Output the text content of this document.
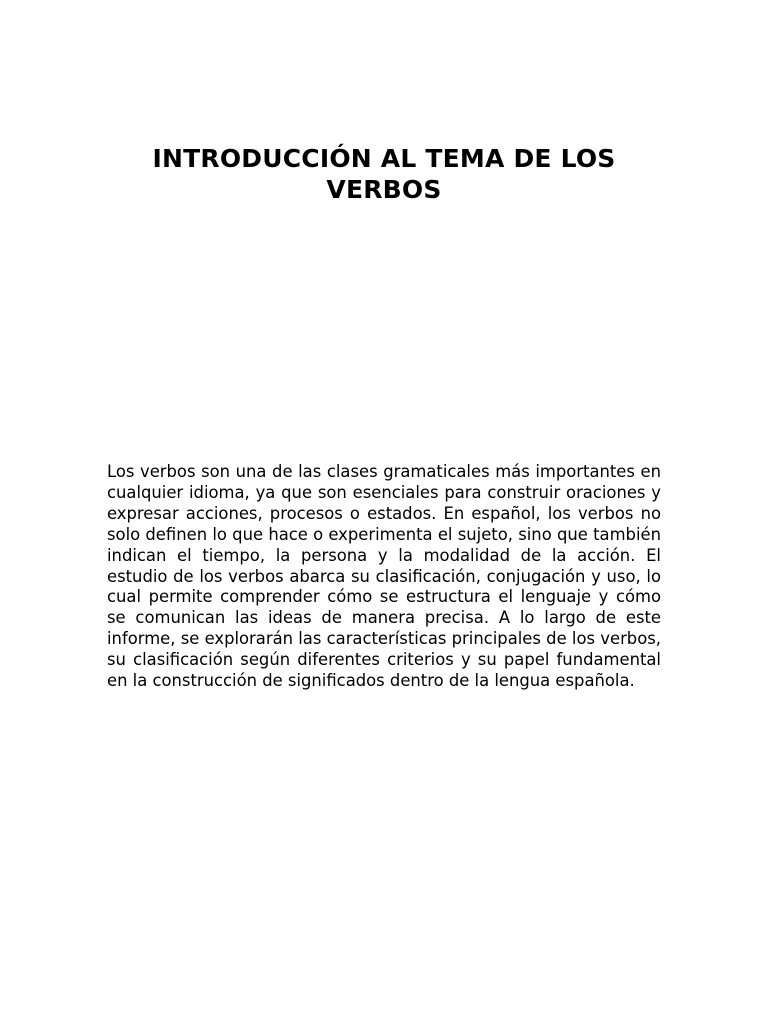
INTRODUCCIÓN AL TEMA DE LOS VERBOS

Los verbos son una de las clases gramaticales más importantes en cualquier idioma, ya que son esenciales para construir oraciones y expresar acciones, procesos o estados. En español, los verbos no solo definen lo que hace o experimenta el sujeto, sino que también indican el tiempo, la persona y la modalidad de la acción. El estudio de los verbos abarca su clasificación, conjugación y uso, lo cual permite comprender cómo se estructura el lenguaje y cómo se comunican las ideas de manera precisa. A lo largo de este informe, se explorarán las características principales de los verbos, su clasificación según diferentes criterios y su papel fundamental en la construcción de significados dentro de la lengua española.
